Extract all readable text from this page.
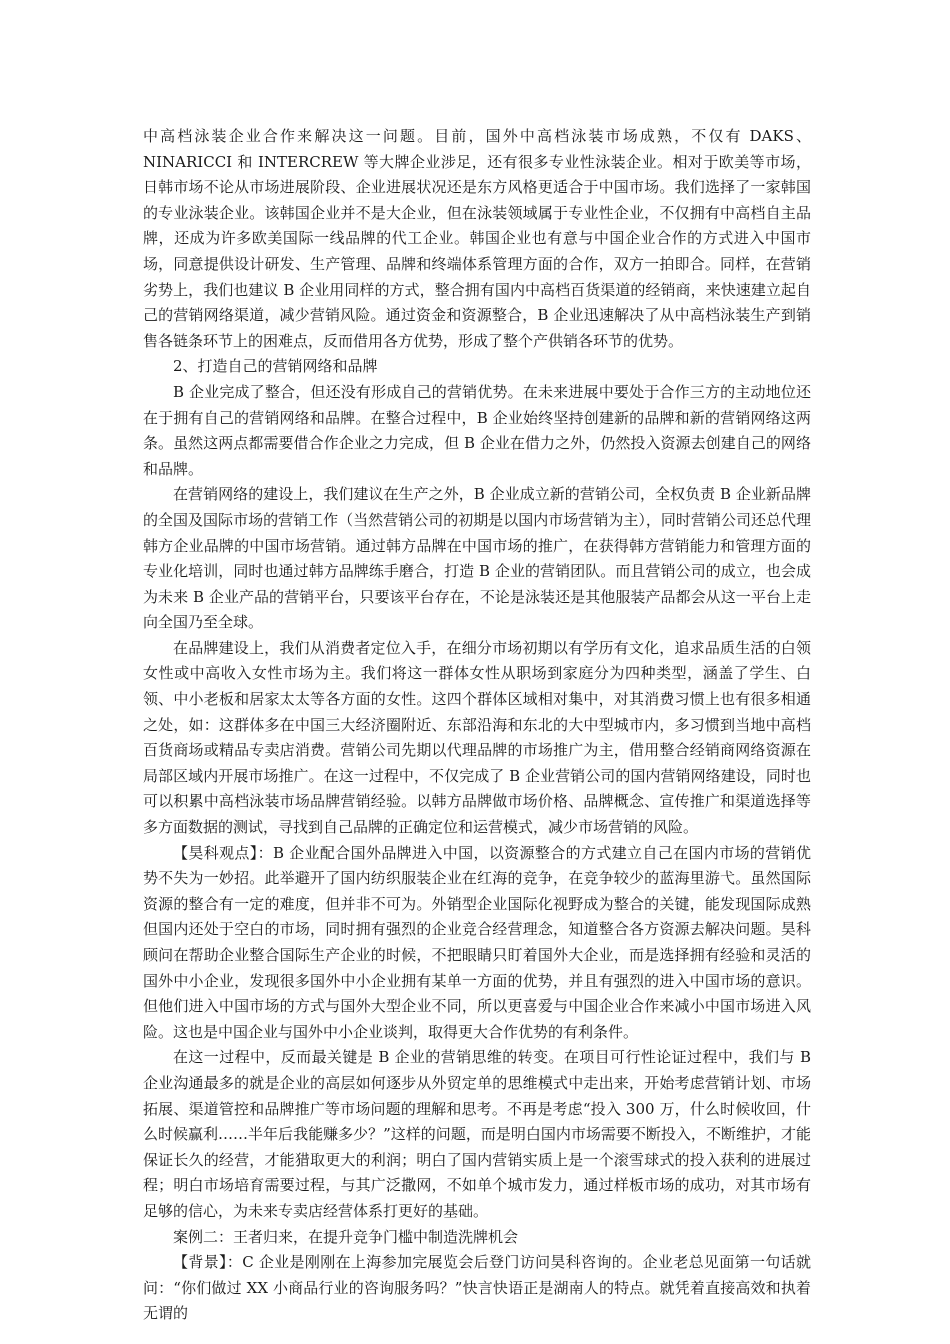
中高档泳装企业合作来解决这一问题。目前，国外中高档泳装市场成熟，不仅有 DAKS、NINARICCI 和 INTERCREW 等大牌企业涉足，还有很多专业性泳装企业。相对于欧美等市场，日韩市场不论从市场进展阶段、企业进展状况还是东方风格更适合于中国市场。我们选择了一家韩国的专业泳装企业。该韩国企业并不是大企业，但在泳装领域属于专业性企业，不仅拥有中高档自主品牌，还成为许多欧美国际一线品牌的代工企业。韩国企业也有意与中国企业合作的方式进入中国市场，同意提供设计研发、生产管理、品牌和终端体系管理方面的合作，双方一拍即合。同样，在营销劣势上，我们也建议 B 企业用同样的方式，整合拥有国内中高档百货渠道的经销商，来快速建立起自己的营销网络渠道，减少营销风险。通过资金和资源整合，B 企业迅速解决了从中高档泳装生产到销售各链条环节上的困难点，反而借用各方优势，形成了整个产供销各环节的优势。

2、打造自己的营销网络和品牌

B 企业完成了整合，但还没有形成自己的营销优势。在未来进展中要处于合作三方的主动地位还在于拥有自己的营销网络和品牌。在整合过程中，B 企业始终坚持创建新的品牌和新的营销网络这两条。虽然这两点都需要借合作企业之力完成，但 B 企业在借力之外，仍然投入资源去创建自己的网络和品牌。

在营销网络的建设上，我们建议在生产之外，B 企业成立新的营销公司，全权负责 B 企业新品牌的全国及国际市场的营销工作（当然营销公司的初期是以国内市场营销为主），同时营销公司还总代理韩方企业品牌的中国市场营销。通过韩方品牌在中国市场的推广，在获得韩方营销能力和管理方面的专业化培训，同时也通过韩方品牌练手磨合，打造 B 企业的营销团队。而且营销公司的成立，也会成为未来 B 企业产品的营销平台，只要该平台存在，不论是泳装还是其他服装产品都会从这一平台上走向全国乃至全球。

在品牌建设上，我们从消费者定位入手，在细分市场初期以有学历有文化，追求品质生活的白领女性或中高收入女性市场为主。我们将这一群体女性从职场到家庭分为四种类型，涵盖了学生、白领、中小老板和居家太太等各方面的女性。这四个群体区域相对集中，对其消费习惯上也有很多相通之处，如：这群体多在中国三大经济圈附近、东部沿海和东北的大中型城市内，多习惯到当地中高档百货商场或精品专卖店消费。营销公司先期以代理品牌的市场推广为主，借用整合经销商网络资源在局部区域内开展市场推广。在这一过程中，不仅完成了 B 企业营销公司的国内营销网络建设，同时也可以积累中高档泳装市场品牌营销经验。以韩方品牌做市场价格、品牌概念、宣传推广和渠道选择等多方面数据的测试，寻找到自己品牌的正确定位和运营模式，减少市场营销的风险。

【昊科观点】：B 企业配合国外品牌进入中国，以资源整合的方式建立自己在国内市场的营销优势不失为一妙招。此举避开了国内纺织服装企业在红海的竞争，在竞争较少的蓝海里游弋。虽然国际资源的整合有一定的难度，但并非不可为。外销型企业国际化视野成为整合的关键，能发现国际成熟但国内还处于空白的市场，同时拥有强烈的企业竞合经营理念，知道整合各方资源去解决问题。昊科顾问在帮助企业整合国际生产企业的时候，不把眼睛只盯着国外大企业，而是选择拥有经验和灵活的国外中小企业，发现很多国外中小企业拥有某单一方面的优势，并且有强烈的进入中国市场的意识。但他们进入中国市场的方式与国外大型企业不同，所以更喜爱与中国企业合作来减小中国市场进入风险。这也是中国企业与国外中小企业谈判，取得更大合作优势的有利条件。

在这一过程中，反而最关键是 B 企业的营销思维的转变。在项目可行性论证过程中，我们与 B 企业沟通最多的就是企业的高层如何逐步从外贸定单的思维模式中走出来，开始考虑营销计划、市场拓展、渠道管控和品牌推广等市场问题的理解和思考。不再是考虑“投入 300 万，什么时候收回，什么时候赢利……半年后我能赚多少？”这样的问题，而是明白国内市场需要不断投入，不断维护，才能保证长久的经营，才能猎取更大的利润；明白了国内营销实质上是一个滚雪球式的投入获利的进展过程；明白市场培育需要过程，与其广泛撒网，不如单个城市发力，通过样板市场的成功，对其市场有足够的信心，为未来专卖店经营体系打更好的基础。

案例二：王者归来，在提升竞争门槛中制造洗牌机会

【背景】：C 企业是刚刚在上海参加完展览会后登门访问昊科咨询的。企业老总见面第一句话就问：“你们做过 XX 小商品行业的咨询服务吗？”快言快语正是湖南人的特点。就凭着直接高效和执着无谓的
